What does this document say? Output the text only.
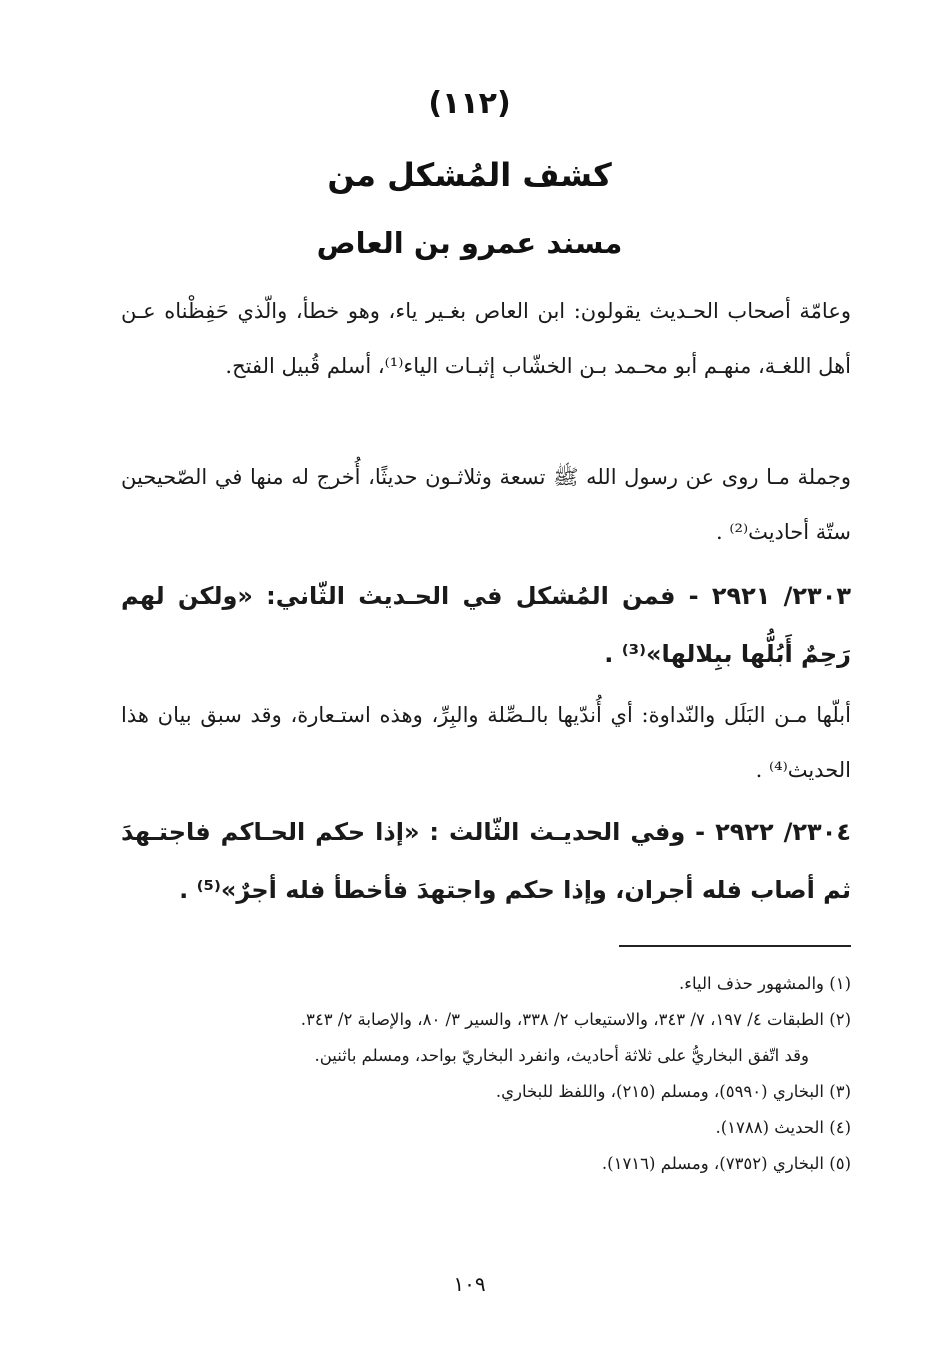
(١١٢)
كشف المُشكل من
مسند عمرو بن العاص
وعامّة أصحاب الحـديث يقولون: ابن العاص بغـير ياء، وهو خطأ، والّذي حَفِظْناه عـن أهل اللغـة، منهـم أبو محـمد بـن الخشّاب إثبـات الياء⁽¹⁾، أسلم قُبيل الفتح.
وجملة مـا روى عن رسول الله ﷺ تسعة وثلاثـون حديثًا، أُخرج له منها في الصّحيحين ستّة أحاديث⁽²⁾ .
٢٣٠٣/ ٢٩٢١ - فمن المُشكل في الحـديث الثّاني: «ولكن لهم رَحِمٌ أَبُلُّها ببِلالها»⁽³⁾ .
أبلّها مـن البَلَل والنّداوة: أي أُندّيها بالـصِّلة والبِرِّ، وهذه استـعارة، وقد سبق بيان هذا الحديث⁽⁴⁾ .
٢٣٠٤/ ٢٩٢٢ - وفي الحديـث الثّالث : «إذا حكم الحـاكم فاجتـهدَ ثم أصاب فله أجران، وإذا حكم واجتهدَ فأخطأ فله أجرٌ»⁽⁵⁾ .
(١) والمشهور حذف الياء.
(٢) الطبقات ٤/ ١٩٧، ٧/ ٣٤٣، والاستيعاب ٢/ ٣٣٨، والسير ٣/ ٨٠، والإصابة ٢/ ٣٤٣.
وقد اتّفق البخاريُّ على ثلاثة أحاديث، وانفرد البخاريّ بواحد، ومسلم باثنين.
(٣) البخاري (٥٩٩٠)، ومسلم (٢١٥)، واللفظ للبخاري.
(٤) الحديث (١٧٨٨).
(٥) البخاري (٧٣٥٢)، ومسلم (١٧١٦).
١٠٩
